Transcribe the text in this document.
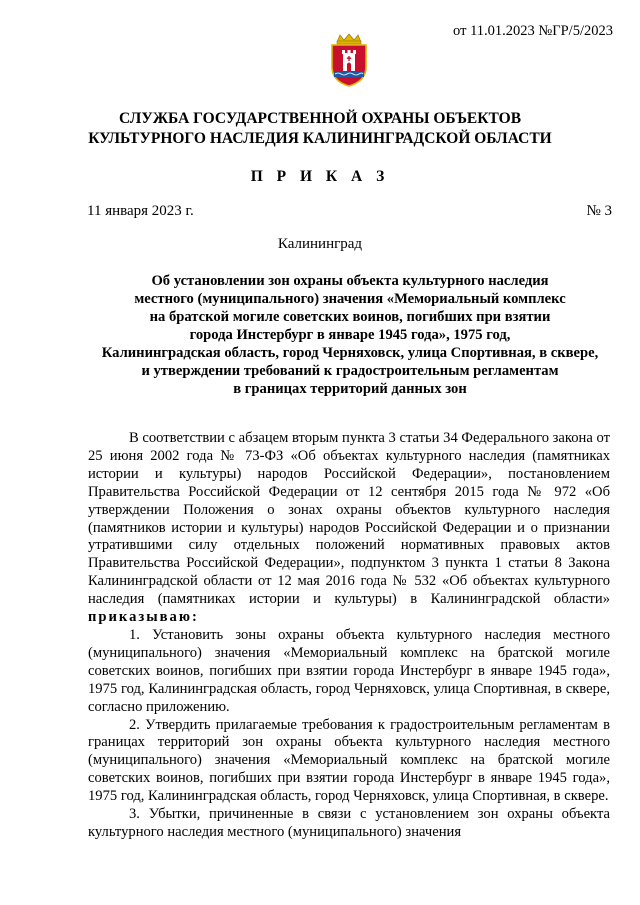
от 11.01.2023 №ГР/5/2023
СЛУЖБА ГОСУДАРСТВЕННОЙ ОХРАНЫ ОБЪЕКТОВ
КУЛЬТУРНОГО НАСЛЕДИЯ КАЛИНИНГРАДСКОЙ ОБЛАСТИ
П Р И К А З
11 января 2023 г.	№ 3
Калининград
Об установлении зон охраны объекта культурного наследия
местного (муниципального) значения «Мемориальный комплекс
на братской могиле советских воинов, погибших при взятии
города Инстербург в январе 1945 года», 1975 год,
Калининградская область, город Черняховск, улица Спортивная, в сквере,
и утверждении требований к градостроительным регламентам
в границах территорий данных зон

В соответствии с абзацем вторым пункта 3 статьи 34 Федерального закона от 25 июня 2002 года № 73-ФЗ «Об объектах культурного наследия (памятниках истории и культуры) народов Российской Федерации», постановлением Правительства Российской Федерации от 12 сентября 2015 года № 972 «Об утверждении Положения о зонах охраны объектов культурного наследия (памятников истории и культуры) народов Российской Федерации и о признании утратившими силу отдельных положений нормативных правовых актов Правительства Российской Федерации», подпунктом 3 пункта 1 статьи 8 Закона Калининградской области от 12 мая 2016 года № 532 «Об объектах культурного наследия (памятниках истории и культуры) в Калининградской области» приказываю:

1. Установить зоны охраны объекта культурного наследия местного (муниципального) значения «Мемориальный комплекс на братской могиле советских воинов, погибших при взятии города Инстербург в январе 1945 года», 1975 год, Калининградская область, город Черняховск, улица Спортивная, в сквере, согласно приложению.

2. Утвердить прилагаемые требования к градостроительным регламентам в границах территорий зон охраны объекта культурного наследия местного (муниципального) значения «Мемориальный комплекс на братской могиле советских воинов, погибших при взятии города Инстербург в январе 1945 года», 1975 год, Калининградская область, город Черняховск, улица Спортивная, в сквере.

3. Убытки, причиненные в связи с установлением зон охраны объекта культурного наследия местного (муниципального) значения
